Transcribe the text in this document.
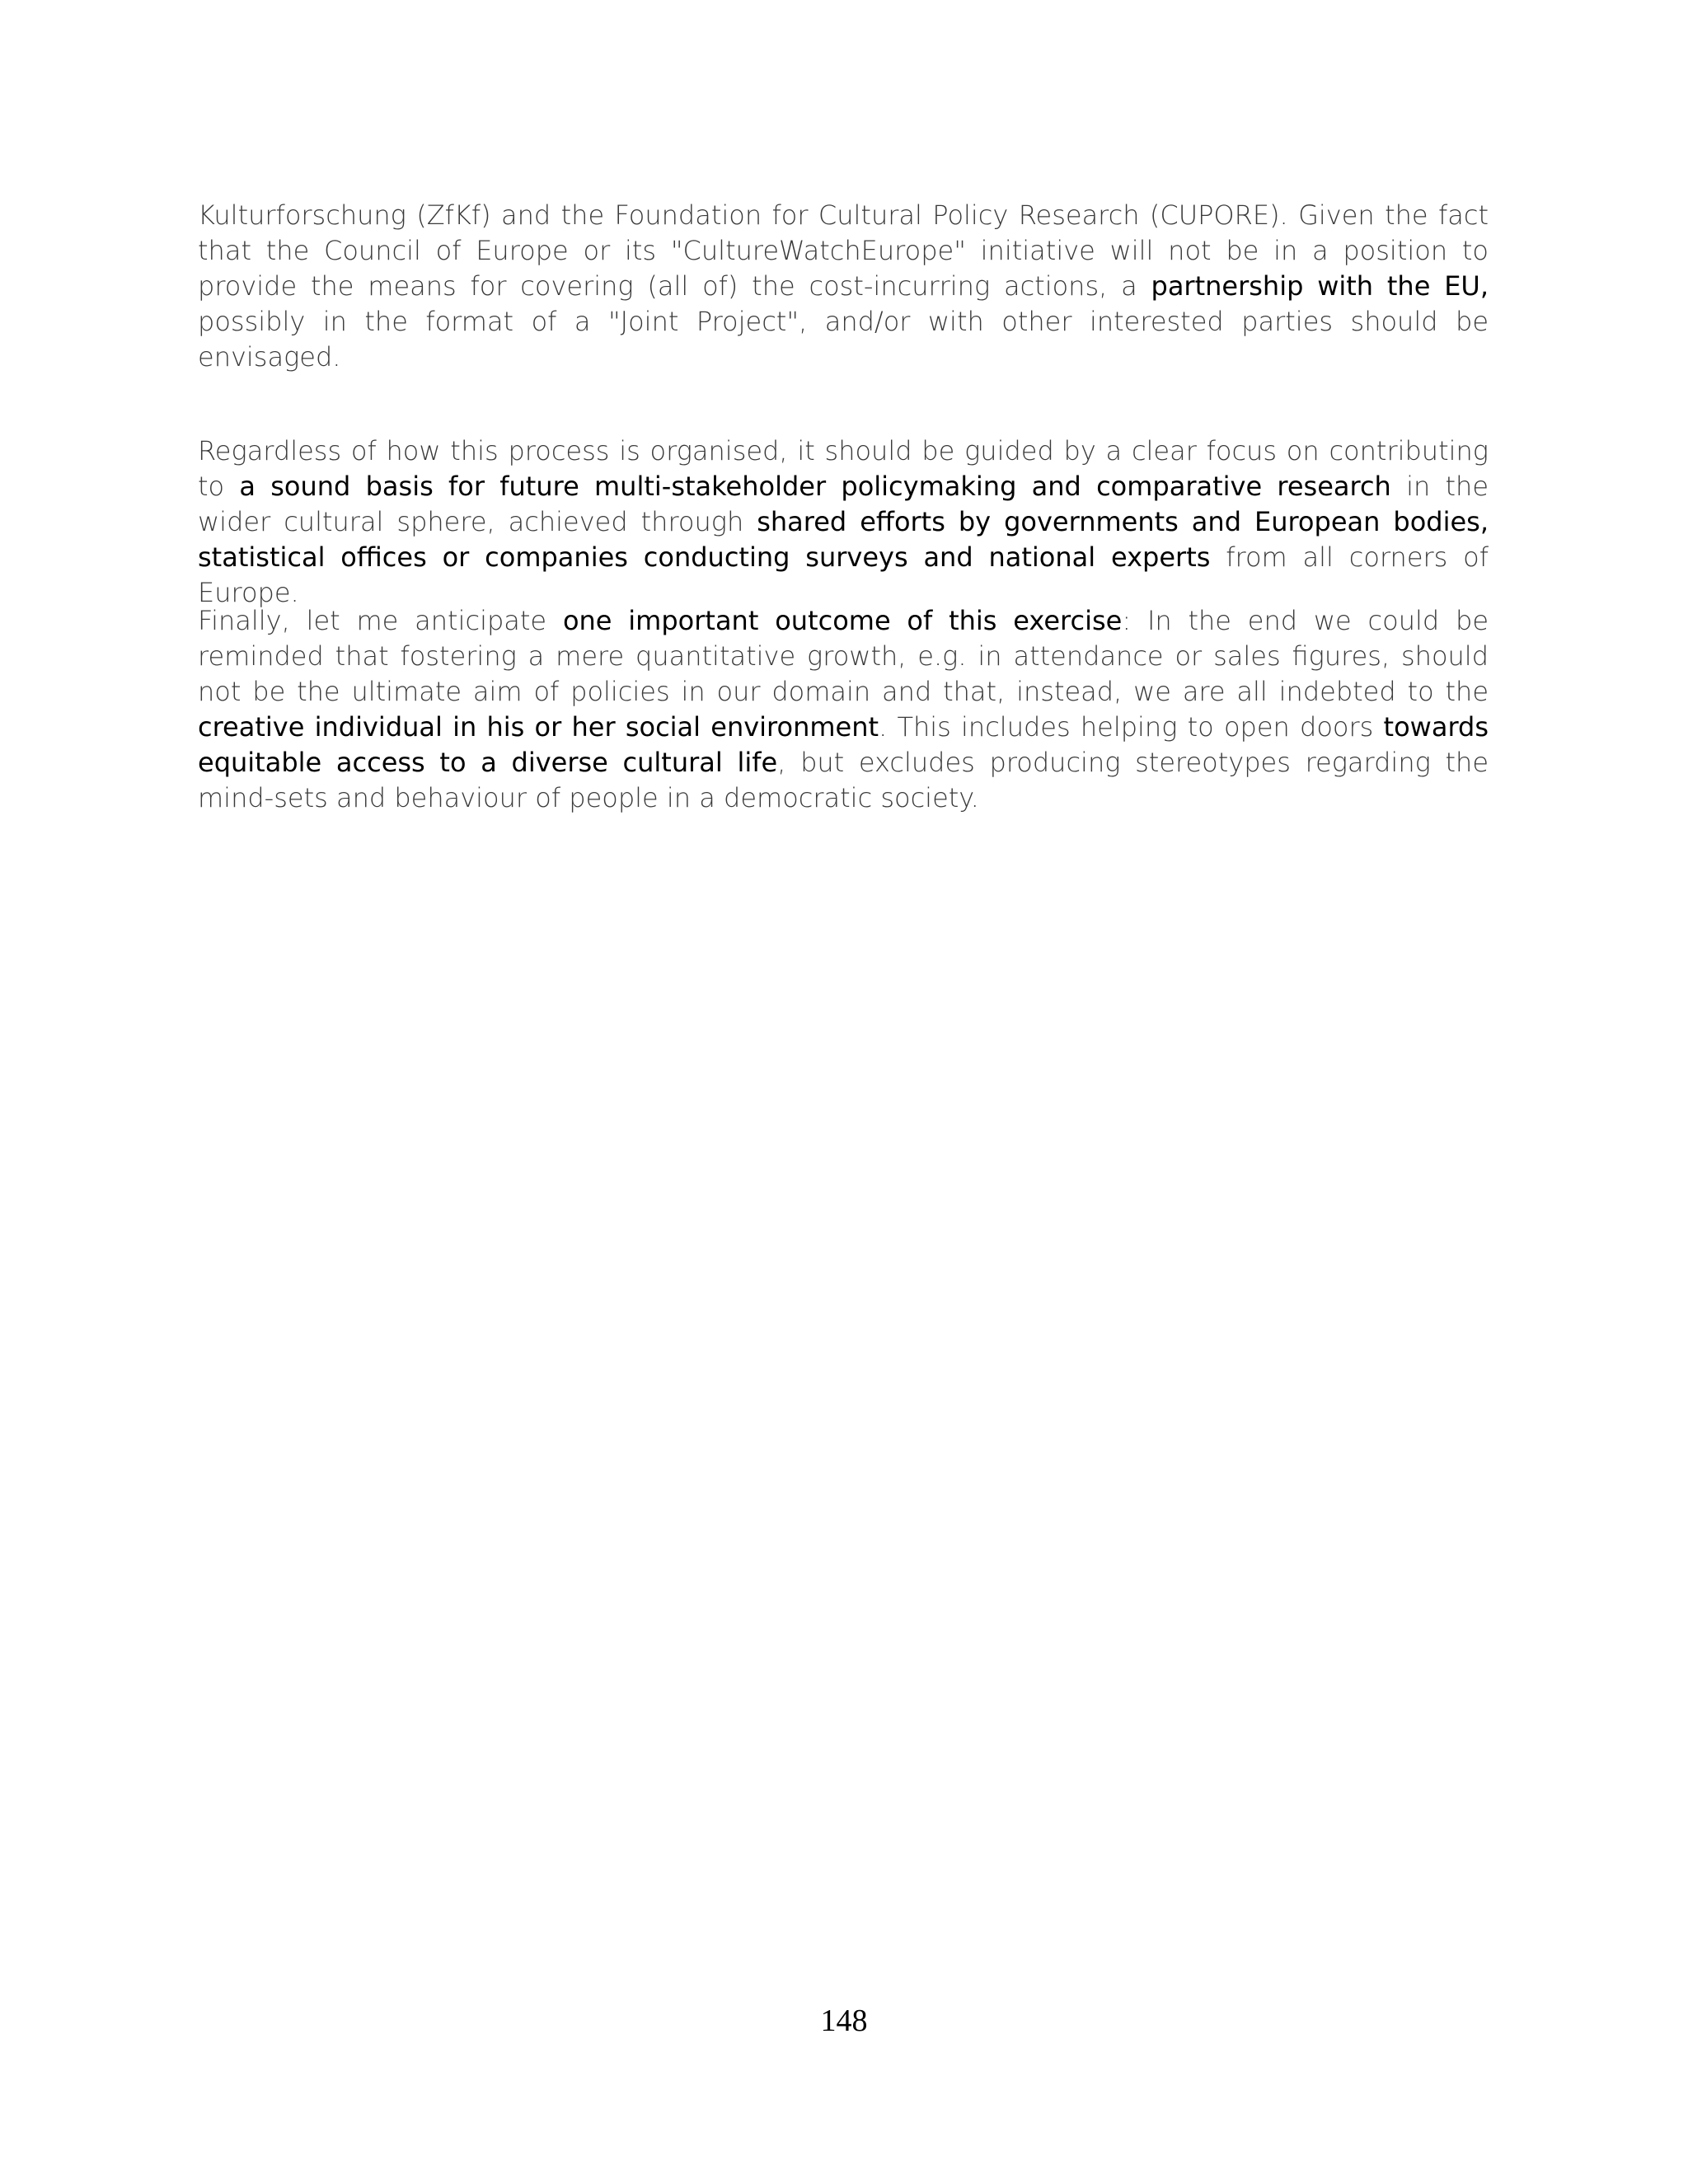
Kulturforschung (ZfKf) and the Foundation for Cultural Policy Research (CUPORE). Given the fact that the Council of Europe or its "CultureWatchEurope" initiative will not be in a position to provide the means for covering (all of) the cost-incurring actions, a partnership with the EU, possibly in the format of a "Joint Project", and/or with other interested parties should be envisaged.

Regardless of how this process is organised, it should be guided by a clear focus on contributing to a sound basis for future multi-stakeholder policymaking and comparative research in the wider cultural sphere, achieved through shared efforts by governments and European bodies, statistical offices or companies conducting surveys and national experts from all corners of Europe.

Finally, let me anticipate one important outcome of this exercise: In the end we could be reminded that fostering a mere quantitative growth, e.g. in attendance or sales figures, should not be the ultimate aim of policies in our domain and that, instead, we are all indebted to the creative individual in his or her social environment. This includes helping to open doors towards equitable access to a diverse cultural life, but excludes producing stereotypes regarding the mind-sets and behaviour of people in a democratic society.

148
